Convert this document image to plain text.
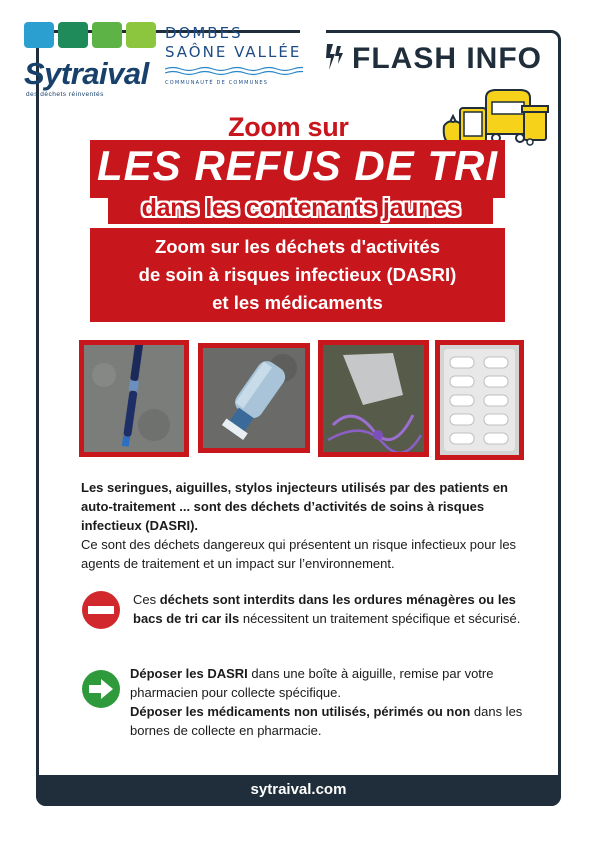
Sytraival
des déchets réinventés
DOMBES
SAÔNE VALLÉE
COMMUNAUTÉ DE COMMUNES
FLASH INFO
Zoom sur
LES REFUS DE TRI
dans les contenants jaunes
Zoom sur les déchets d'activités
de soin à risques infectieux (DASRI)
et les médicaments
Les seringues, aiguilles, stylos injecteurs utilisés par des patients en auto-traitement ... sont des déchets d’activités de soins à risques infectieux (DASRI).
Ce sont des déchets dangereux qui présentent un risque infectieux pour les agents de traitement et un impact sur l’environnement.
Ces déchets sont interdits dans les ordures ménagères ou les bacs de tri car ils nécessitent un traitement spécifique et sécurisé.
Déposer les DASRI dans une boîte à aiguille, remise par votre pharmacien pour collecte spécifique.
Déposer les médicaments non utilisés, périmés ou non dans les bornes de collecte en pharmacie.
sytraival.com
